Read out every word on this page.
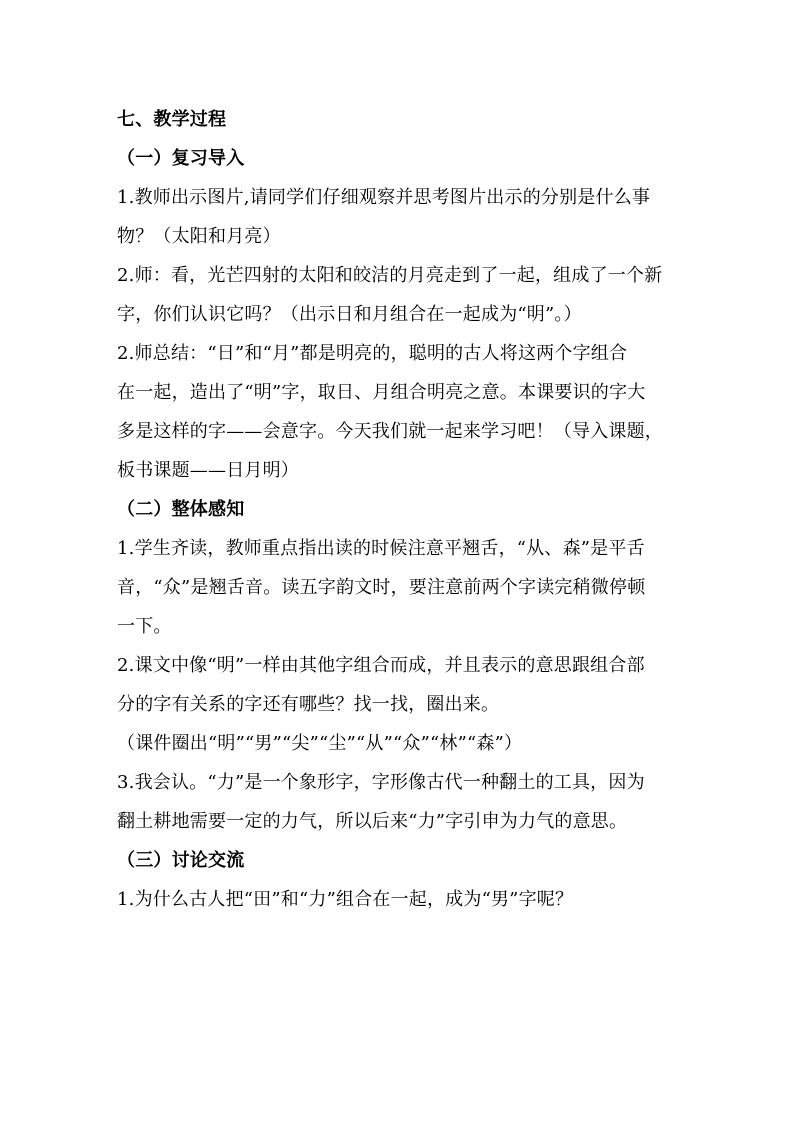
七、教学过程
（一）复习导入
1.教师出示图片,请同学们仔细观察并思考图片出示的分别是什么事
物？（太阳和月亮）
2.师：看，光芒四射的太阳和皎洁的月亮走到了一起，组成了一个新
字，你们认识它吗？（出示日和月组合在一起成为“明”。）
2.师总结：“日”和“月”都是明亮的，聪明的古人将这两个字组合
在一起，造出了“明”字，取日、月组合明亮之意。本课要识的字大
多是这样的字——会意字。今天我们就一起来学习吧！（导入课题，
板书课题——日月明）
（二）整体感知
1.学生齐读，教师重点指出读的时候注意平翘舌，“从、森”是平舌
音，“众”是翘舌音。读五字韵文时，要注意前两个字读完稍微停顿
一下。
2.课文中像“明”一样由其他字组合而成，并且表示的意思跟组合部
分的字有关系的字还有哪些？找一找，圈出来。
（课件圈出“明”“男”“尖”“尘”“从”“众”“林”“森”）
3.我会认。“力”是一个象形字，字形像古代一种翻土的工具，因为
翻土耕地需要一定的力气，所以后来“力”字引申为力气的意思。
（三）讨论交流
1.为什么古人把“田”和“力”组合在一起，成为“男”字呢？
